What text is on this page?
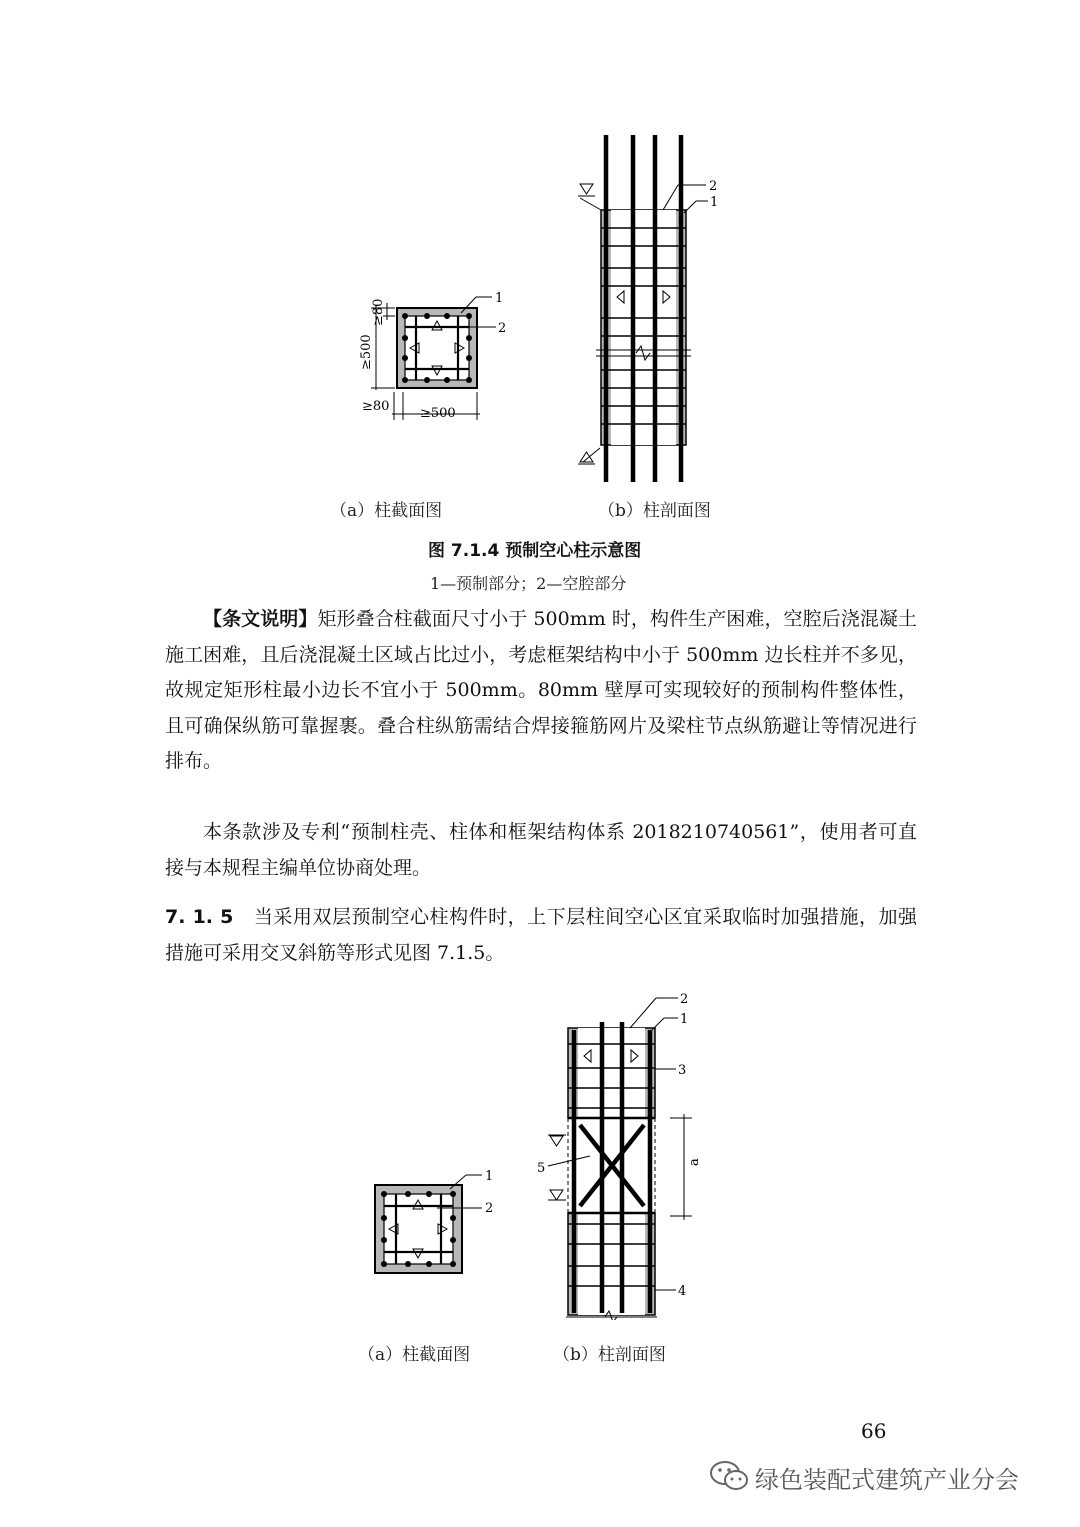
≥80
≥500
≥80 ≥500
1
2
2
1
（a）柱截面图	（b）柱剖面图
图 7.1.4 预制空心柱示意图
1—预制部分；2—空腔部分

【条文说明】矩形叠合柱截面尺寸小于 500mm 时，构件生产困难，空腔后浇混凝土施工困难，且后浇混凝土区域占比过小，考虑框架结构中小于 500mm 边长柱并不多见，故规定矩形柱最小边长不宜小于 500mm。80mm 壁厚可实现较好的预制构件整体性，且可确保纵筋可靠握裹。叠合柱纵筋需结合焊接箍筋网片及梁柱节点纵筋避让等情况进行排布。

本条款涉及专利“预制柱壳、柱体和框架结构体系 2018210740561”，使用者可直接与本规程主编单位协商处理。

7. 1. 5 当采用双层预制空心柱构件时，上下层柱间空心区宜采取临时加强措施，加强措施可采用交叉斜筋等形式见图 7.1.5。

1
2
2
1
3
5
4
a
（a）柱截面图	（b）柱剖面图
66
绿色装配式建筑产业分会
